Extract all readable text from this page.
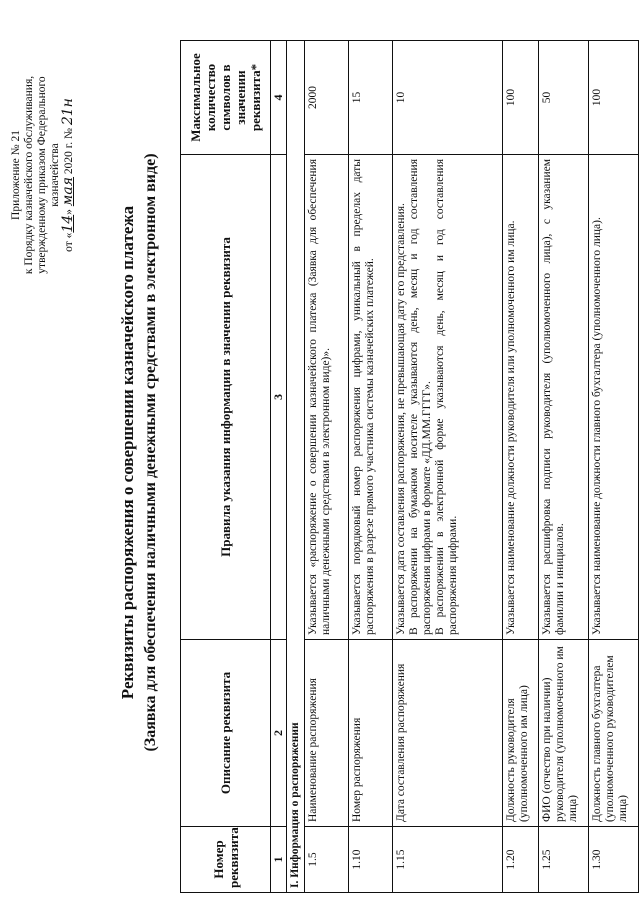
Приложение № 21 к Порядку казначейского обслуживания, утвержденному приказом Федерального казначейства
от «14» мая 2020 г. № 21н
Реквизиты распоряжения о совершении казначейского платежа (Заявка для обеспечения наличными денежными средствами в электронном виде)
Номер реквизита	Описание реквизита	Правила указания информации в значении реквизита	Максимальное количество символов в значении реквизита*
1	2	3	4
I. Информация о распоряжении			
1.5	Наименование распоряжения	Указывается «распоряжение о совершении казначейского платежа (Заявка для обеспечения наличными денежными средствами в электронном виде)».	2000
1.10	Номер распоряжения	Указывается порядковый номер распоряжения цифрами, уникальный в пределах даты распоряжения в разрезе прямого участника системы казначейских платежей.	15
1.15	Дата составления распоряжения	Указывается дата составления распоряжения, не превышающая дату его представления. В распоряжении на бумажном носителе указываются день, месяц и год составления распоряжения цифрами в формате «ДД.ММ.ГГГГ». В распоряжении в электронной форме указываются день, месяц и год составления распоряжения цифрами.	10
1.20	Должность руководителя (уполномоченного им лица)	Указывается наименование должности руководителя или уполномоченного им лица.	100
1.25	ФИО (отчество при наличии) руководителя (уполномоченного им лица)	Указывается расшифровка подписи руководителя (уполномоченного лица), с указанием фамилии и инициалов.	50
1.30	Должность главного бухгалтера (уполномоченного руководителем лица)	Указывается наименование должности главного бухгалтера (уполномоченного лица).	100
